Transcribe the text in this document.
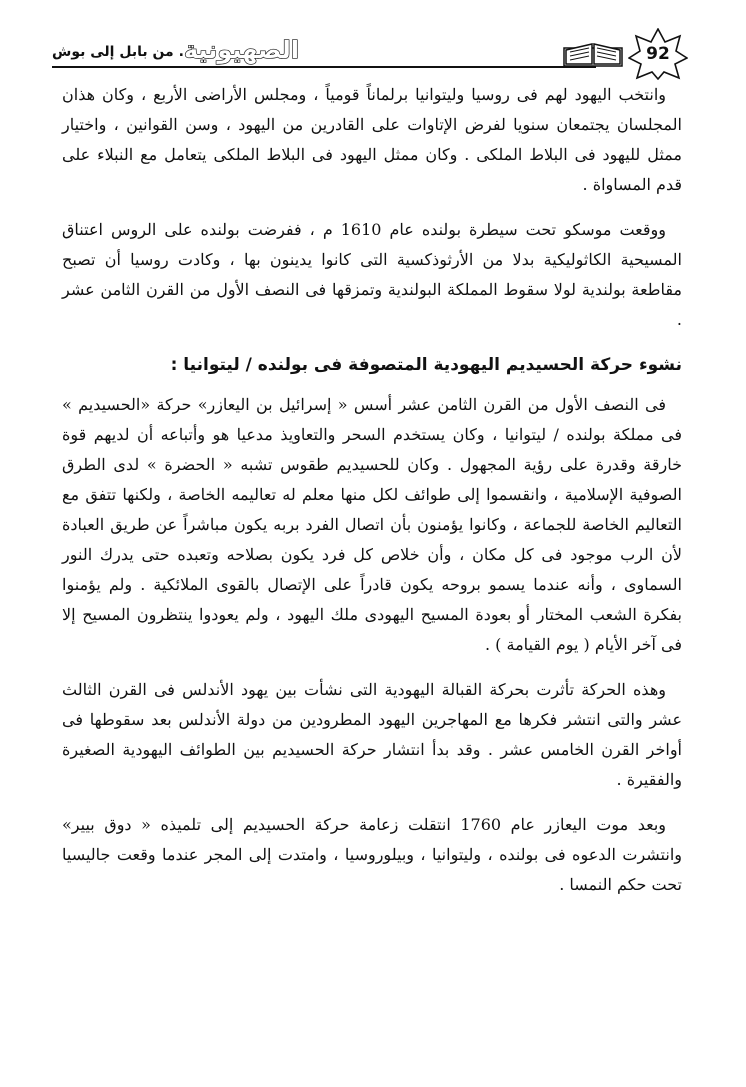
.. من بابل إلى بوش
الصهيونية	92

وانتخب اليهود لهم فى روسيا وليتوانيا برلماناً قومياً ، ومجلس الأراضى الأربع ، وكان هذان المجلسان يجتمعان سنويا لفرض الإتاوات على القادرين من اليهود ، وسن القوانين ، واختيار ممثل لليهود فى البلاط الملكى . وكان ممثل اليهود فى البلاط الملكى يتعامل مع النبلاء على قدم المساواة .

ووقعت موسكو تحت سيطرة بولنده عام 1610 م ، ففرضت بولنده على الروس اعتناق المسيحية الكاثوليكية بدلا من الأرثوذكسية التى كانوا يدينون بها ، وكادت روسيا أن تصبح مقاطعة بولندية لولا سقوط المملكة البولندية وتمزقها فى النصف الأول من القرن الثامن عشر .

نشوء حركة الحسيديم اليهودية المتصوفة فى بولنده / ليتوانيا :

فى النصف الأول من القرن الثامن عشر أسس « إسرائيل بن اليعازر» حركة «الحسيديم » فى مملكة بولنده / ليتوانيا ، وكان يستخدم السحر والتعاويذ مدعيا هو وأتباعه أن لديهم قوة خارقة وقدرة على رؤية المجهول . وكان للحسيديم طقوس تشبه « الحضرة » لدى الطرق الصوفية الإسلامية ، وانقسموا إلى طوائف لكل منها معلم له تعاليمه الخاصة ، ولكنها تتفق مع التعاليم الخاصة للجماعة ، وكانوا يؤمنون بأن اتصال الفرد بربه يكون مباشراً عن طريق العبادة لأن الرب موجود فى كل مكان ، وأن خلاص كل فرد يكون بصلاحه وتعبده حتى يدرك النور السماوى ، وأنه عندما يسمو بروحه يكون قادراً على الإتصال بالقوى الملائكية . ولم يؤمنوا بفكرة الشعب المختار أو بعودة المسيح اليهودى ملك اليهود ، ولم يعودوا ينتظرون المسيح إلا فى آخر الأيام ( يوم القيامة ) .

وهذه الحركة تأثرت بحركة القبالة اليهودية التى نشأت بين يهود الأندلس فى القرن الثالث عشر والتى انتشر فكرها مع المهاجرين اليهود المطرودين من دولة الأندلس بعد سقوطها فى أواخر القرن الخامس عشر . وقد بدأ انتشار حركة الحسيديم بين الطوائف اليهودية الصغيرة والفقيرة .

وبعد موت اليعازر عام 1760 انتقلت زعامة حركة الحسيديم إلى تلميذه « دوق بيير» وانتشرت الدعوه فى بولنده ، وليتوانيا ، وبيلوروسيا ، وامتدت إلى المجر عندما وقعت جاليسيا تحت حكم النمسا .
